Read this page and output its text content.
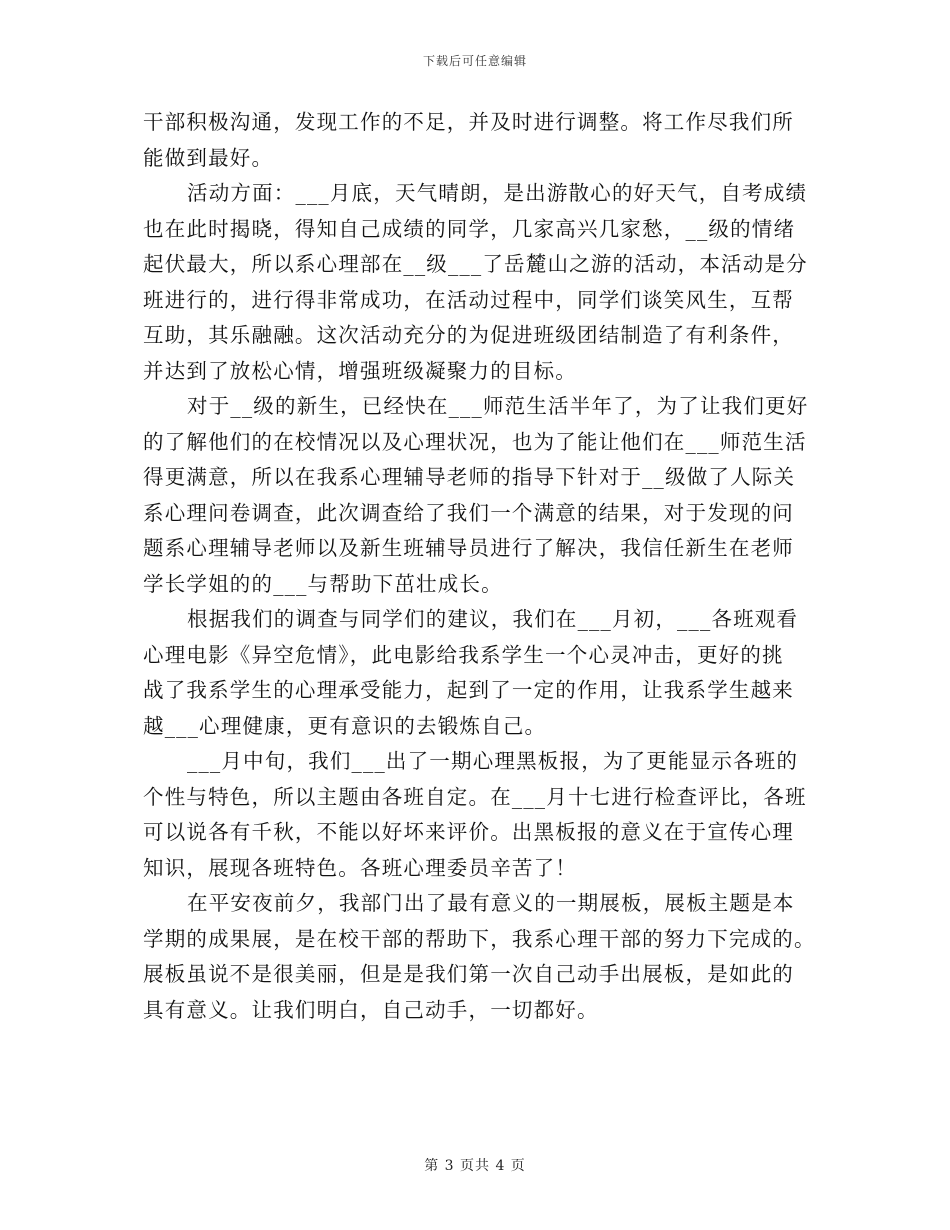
下载后可任意编辑
干部积极沟通，发现工作的不足，并及时进行调整。将工作尽我们所
能做到最好。
活动方面：___月底，天气晴朗，是出游散心的好天气，自考成绩
也在此时揭晓，得知自己成绩的同学，几家高兴几家愁，__级的情绪
起伏最大，所以系心理部在__级___了岳麓山之游的活动，本活动是分
班进行的，进行得非常成功，在活动过程中，同学们谈笑风生，互帮
互助，其乐融融。这次活动充分的为促进班级团结制造了有利条件，
并达到了放松心情，增强班级凝聚力的目标。
对于__级的新生，已经快在___师范生活半年了，为了让我们更好
的了解他们的在校情况以及心理状况，也为了能让他们在___师范生活
得更满意，所以在我系心理辅导老师的指导下针对于__级做了人际关
系心理问卷调查，此次调查给了我们一个满意的结果，对于发现的问
题系心理辅导老师以及新生班辅导员进行了解决，我信任新生在老师
学长学姐的的___与帮助下茁壮成长。
根据我们的调查与同学们的建议，我们在___月初，___各班观看
心理电影《异空危情》，此电影给我系学生一个心灵冲击，更好的挑
战了我系学生的心理承受能力，起到了一定的作用，让我系学生越来
越___心理健康，更有意识的去锻炼自己。
___月中旬，我们___出了一期心理黑板报，为了更能显示各班的
个性与特色，所以主题由各班自定。在___月十七进行检查评比，各班
可以说各有千秋，不能以好坏来评价。出黑板报的意义在于宣传心理
知识，展现各班特色。各班心理委员辛苦了！
在平安夜前夕，我部门出了最有意义的一期展板，展板主题是本
学期的成果展，是在校干部的帮助下，我系心理干部的努力下完成的。
展板虽说不是很美丽，但是是我们第一次自己动手出展板，是如此的
具有意义。让我们明白，自己动手，一切都好。
第 3 页共 4 页
